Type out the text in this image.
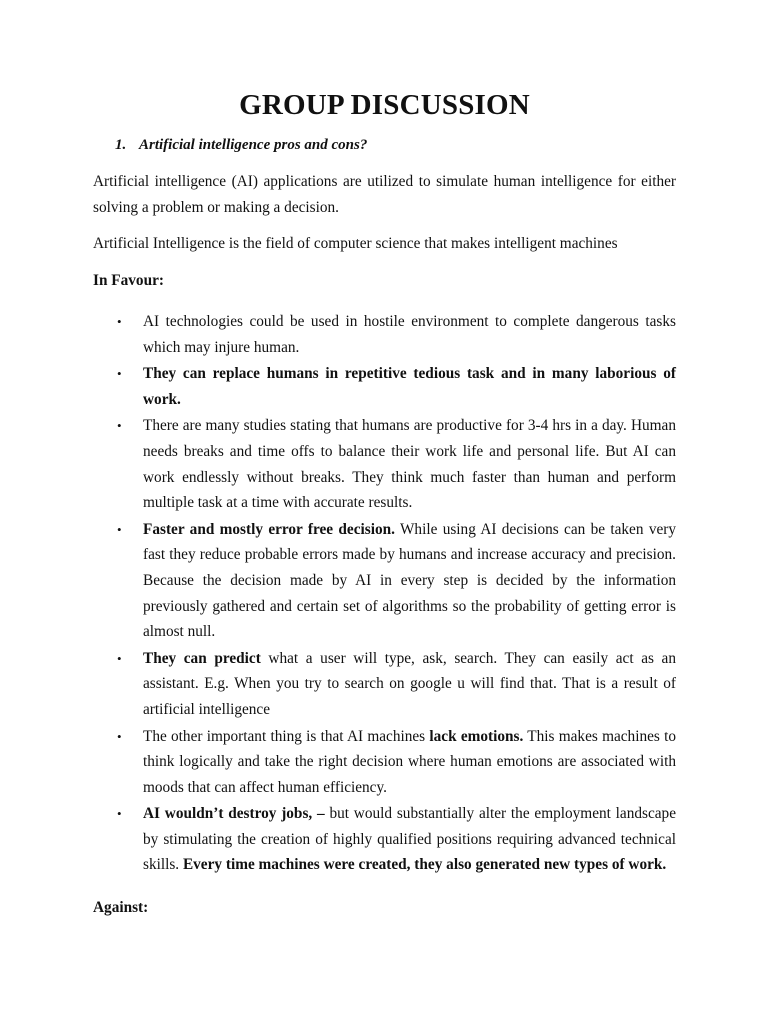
GROUP DISCUSSION
1. Artificial intelligence pros and cons?

Artificial intelligence (AI) applications are utilized to simulate human intelligence for either solving a problem or making a decision.

Artificial Intelligence is the field of computer science that makes intelligent machines

In Favour:
• AI technologies could be used in hostile environment to complete dangerous tasks which may injure human.
• They can replace humans in repetitive tedious task and in many laborious of work.
• There are many studies stating that humans are productive for 3-4 hrs in a day. Human needs breaks and time offs to balance their work life and personal life. But AI can work endlessly without breaks. They think much faster than human and perform multiple task at a time with accurate results.
• Faster and mostly error free decision. While using AI decisions can be taken very fast they reduce probable errors made by humans and increase accuracy and precision. Because the decision made by AI in every step is decided by the information previously gathered and certain set of algorithms so the probability of getting error is almost null.
• They can predict what a user will type, ask, search. They can easily act as an assistant. E.g. When you try to search on google u will find that. That is a result of artificial intelligence
• The other important thing is that AI machines lack emotions. This makes machines to think logically and take the right decision where human emotions are associated with moods that can affect human efficiency.
• AI wouldn’t destroy jobs, – but would substantially alter the employment landscape by stimulating the creation of highly qualified positions requiring advanced technical skills. Every time machines were created, they also generated new types of work.
Against:
